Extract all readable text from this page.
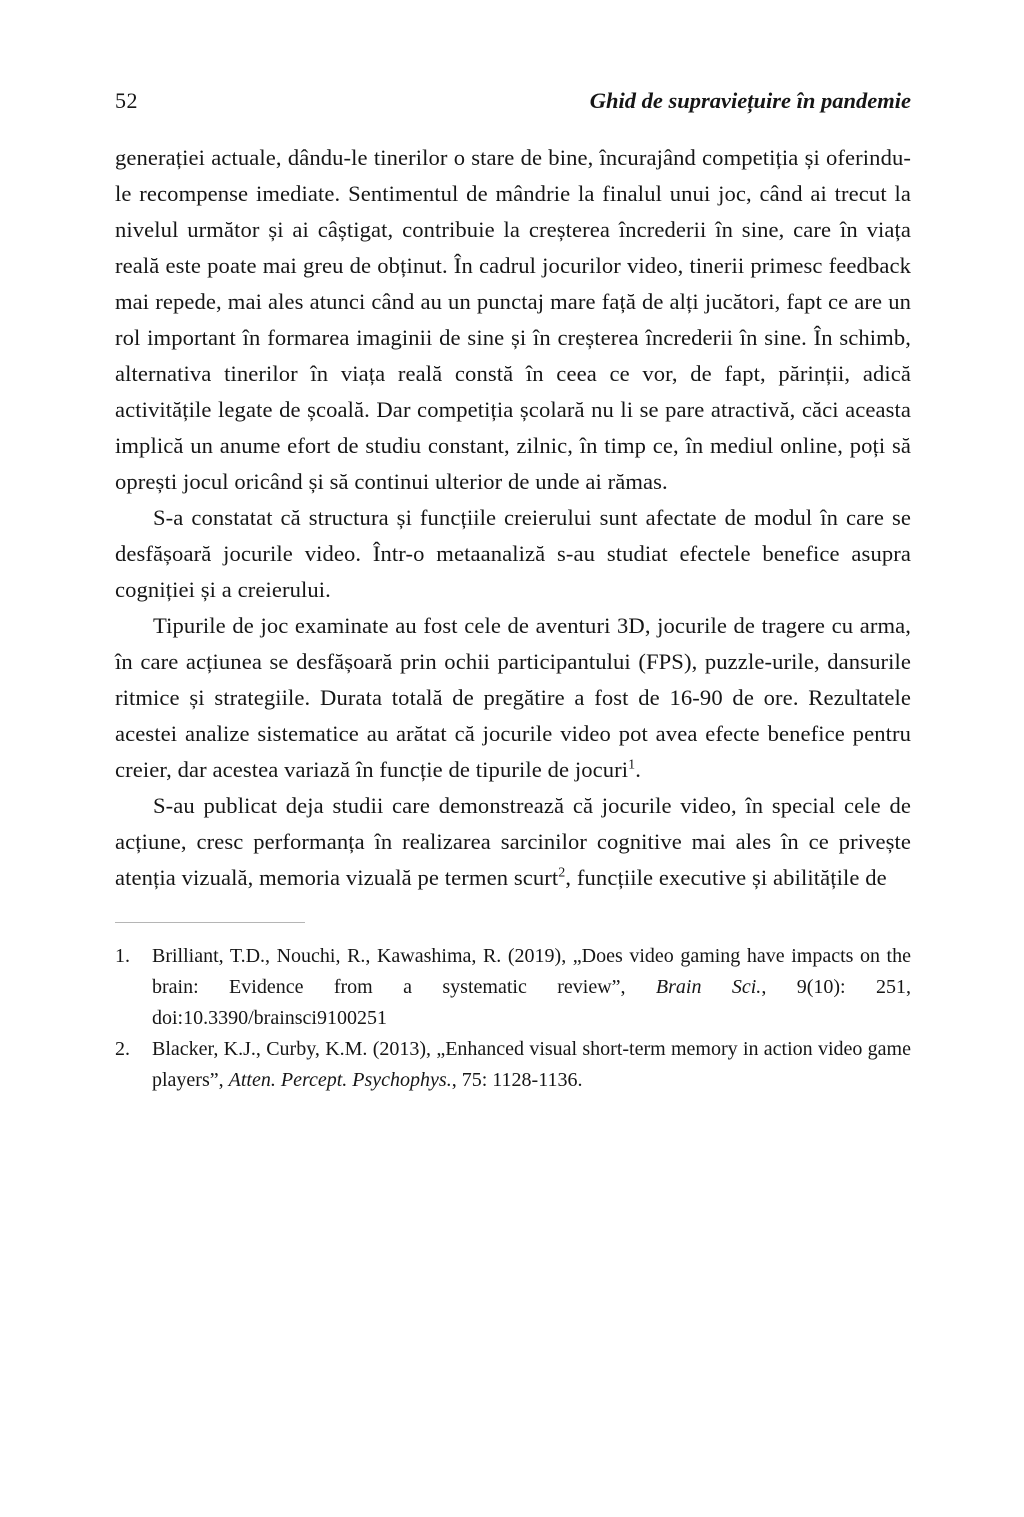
52	Ghid de supraviețuire în pandemie

generației actuale, dându-le tinerilor o stare de bine, încurajând competiția și oferindu-le recompense imediate. Sentimentul de mândrie la finalul unui joc, când ai trecut la nivelul următor și ai câștigat, contribuie la creșterea încrederii în sine, care în viața reală este poate mai greu de obținut. În cadrul jocurilor video, tinerii primesc feedback mai repede, mai ales atunci când au un punctaj mare față de alți jucători, fapt ce are un rol important în formarea imaginii de sine și în creșterea încrederii în sine. În schimb, alternativa tinerilor în viața reală constă în ceea ce vor, de fapt, părinții, adică activitățile legate de școală. Dar competiția școlară nu li se pare atractivă, căci aceasta implică un anume efort de studiu constant, zilnic, în timp ce, în mediul online, poți să oprești jocul oricând și să continui ulterior de unde ai rămas.

S-a constatat că structura și funcțiile creierului sunt afectate de modul în care se desfășoară jocurile video. Într-o metaanaliză s-au studiat efectele benefice asupra cogniției și a creierului.

Tipurile de joc examinate au fost cele de aventuri 3D, jocurile de tragere cu arma, în care acțiunea se desfășoară prin ochii participantului (FPS), puzzle-urile, dansurile ritmice și strategiile. Durata totală de pregătire a fost de 16-90 de ore. Rezultatele acestei analize sistematice au arătat că jocurile video pot avea efecte benefice pentru creier, dar acestea variază în funcție de tipurile de jocuri$^1$.

S-au publicat deja studii care demonstrează că jocurile video, în special cele de acțiune, cresc performanța în realizarea sarcinilor cognitive mai ales în ce privește atenția vizuală, memoria vizuală pe termen scurt$^2$, funcțiile executive și abilitățile de

1.	Brilliant, T.D., Nouchi, R., Kawashima, R. (2019), „Does video gaming have impacts on the brain: Evidence from a systematic review”, Brain Sci., 9(10): 251, doi:10.3390/brainsci9100251
2.	Blacker, K.J., Curby, K.M. (2013), „Enhanced visual short-term memory in action video game players”, Atten. Percept. Psychophys., 75: 1128-1136.
